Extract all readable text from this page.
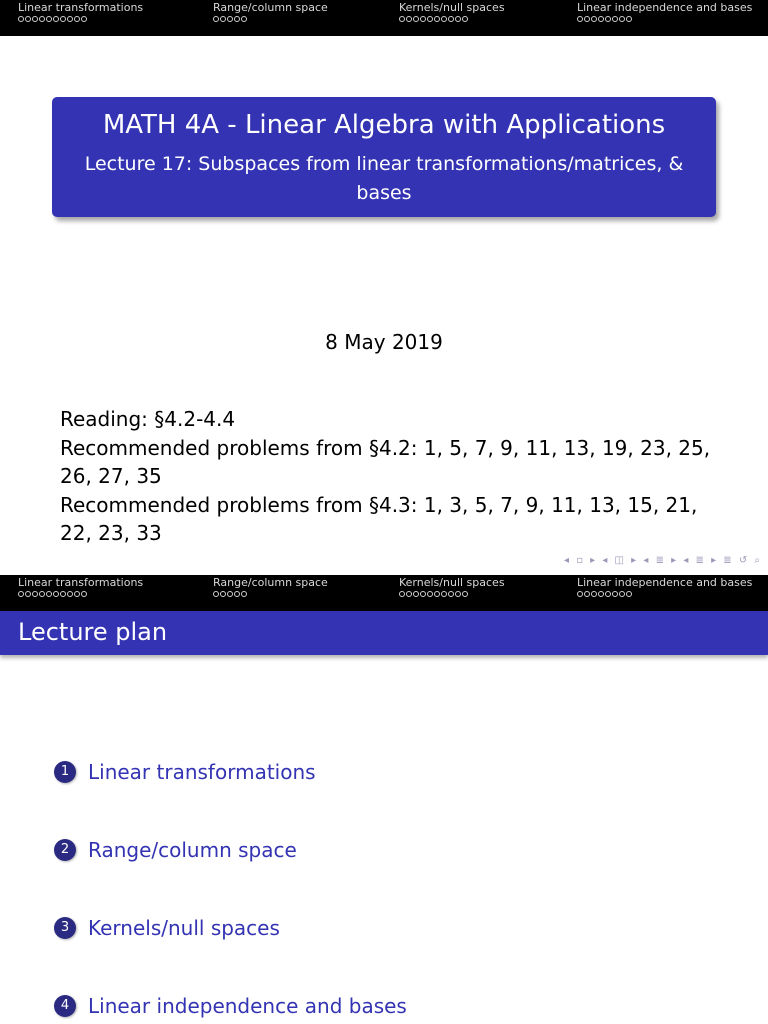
Linear transformations	Range/column space	Kernels/null spaces	Linear independence and bases
MATH 4A - Linear Algebra with Applications
Lecture 17: Subspaces from linear transformations/matrices, & bases
8 May 2019
Reading: §4.2-4.4
Recommended problems from §4.2: 1, 5, 7, 9, 11, 13, 19, 23, 25, 26, 27, 35
Recommended problems from §4.3: 1, 3, 5, 7, 9, 11, 13, 15, 21, 22, 23, 33
◂ ▫ ▸ ◂ ◫ ▸ ◂ ≣ ▸ ◂ ≣ ▸ ≣ ↺ ⌕
Linear transformations	Range/column space	Kernels/null spaces	Linear independence and bases
Lecture plan
1 Linear transformations
2 Range/column space
3 Kernels/null spaces
4 Linear independence and bases
